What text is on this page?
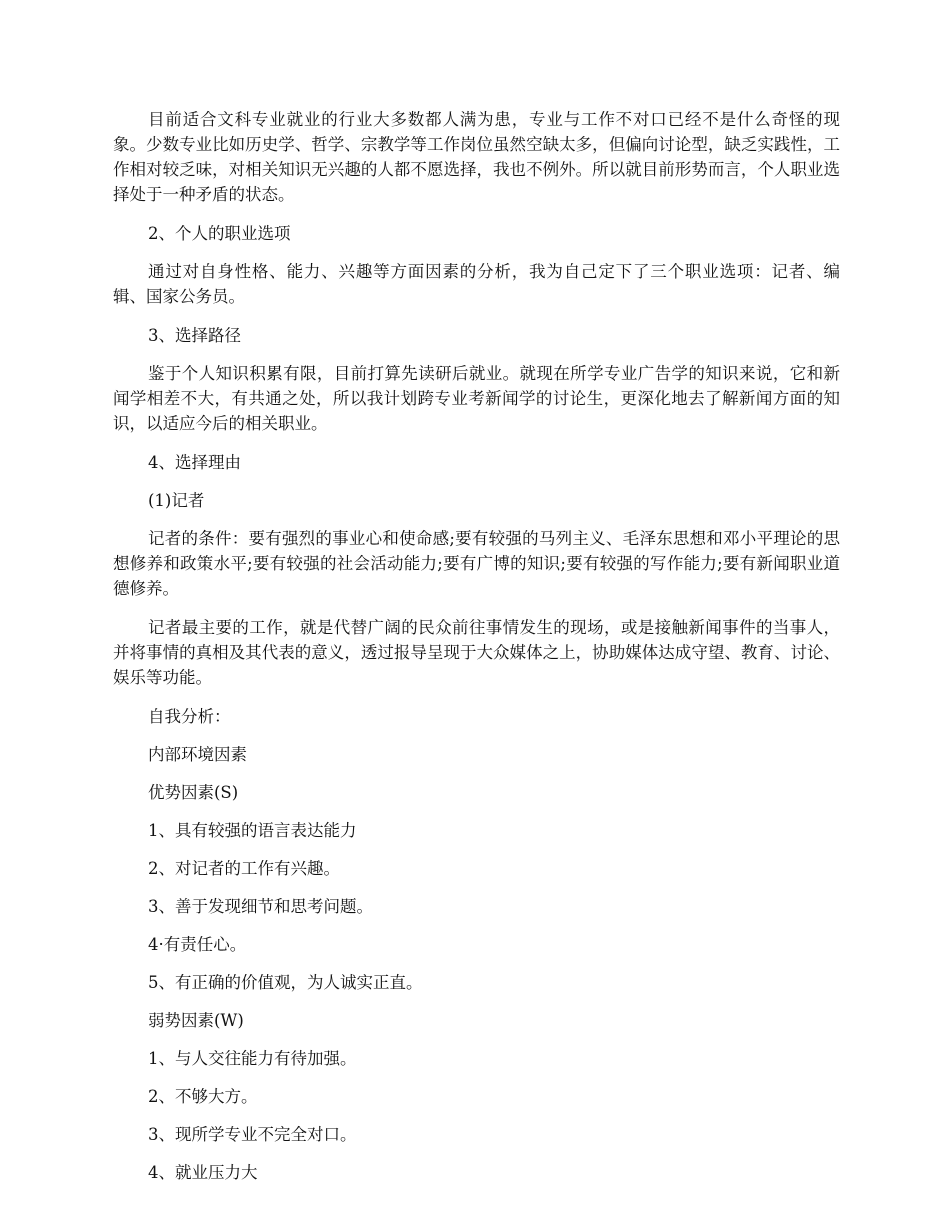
目前适合文科专业就业的行业大多数都人满为患，专业与工作不对口已经不是什么奇怪的现象。少数专业比如历史学、哲学、宗教学等工作岗位虽然空缺太多，但偏向讨论型，缺乏实践性，工作相对较乏味，对相关知识无兴趣的人都不愿选择，我也不例外。所以就目前形势而言，个人职业选择处于一种矛盾的状态。

2、个人的职业选项

通过对自身性格、能力、兴趣等方面因素的分析，我为自己定下了三个职业选项：记者、编辑、国家公务员。

3、选择路径

鉴于个人知识积累有限，目前打算先读研后就业。就现在所学专业广告学的知识来说，它和新闻学相差不大，有共通之处，所以我计划跨专业考新闻学的讨论生，更深化地去了解新闻方面的知识，以适应今后的相关职业。

4、选择理由

(1)记者

记者的条件：要有强烈的事业心和使命感;要有较强的马列主义、毛泽东思想和邓小平理论的思想修养和政策水平;要有较强的社会活动能力;要有广博的知识;要有较强的写作能力;要有新闻职业道德修养。

记者最主要的工作，就是代替广阔的民众前往事情发生的现场，或是接触新闻事件的当事人，并将事情的真相及其代表的意义，透过报导呈现于大众媒体之上，协助媒体达成守望、教育、讨论、娱乐等功能。

自我分析：

内部环境因素

优势因素(S)

1、具有较强的语言表达能力

2、对记者的工作有兴趣。

3、善于发现细节和思考问题。

4·有责任心。

5、有正确的价值观，为人诚实正直。

弱势因素(W)

1、与人交往能力有待加强。

2、不够大方。

3、现所学专业不完全对口。

4、就业压力大
